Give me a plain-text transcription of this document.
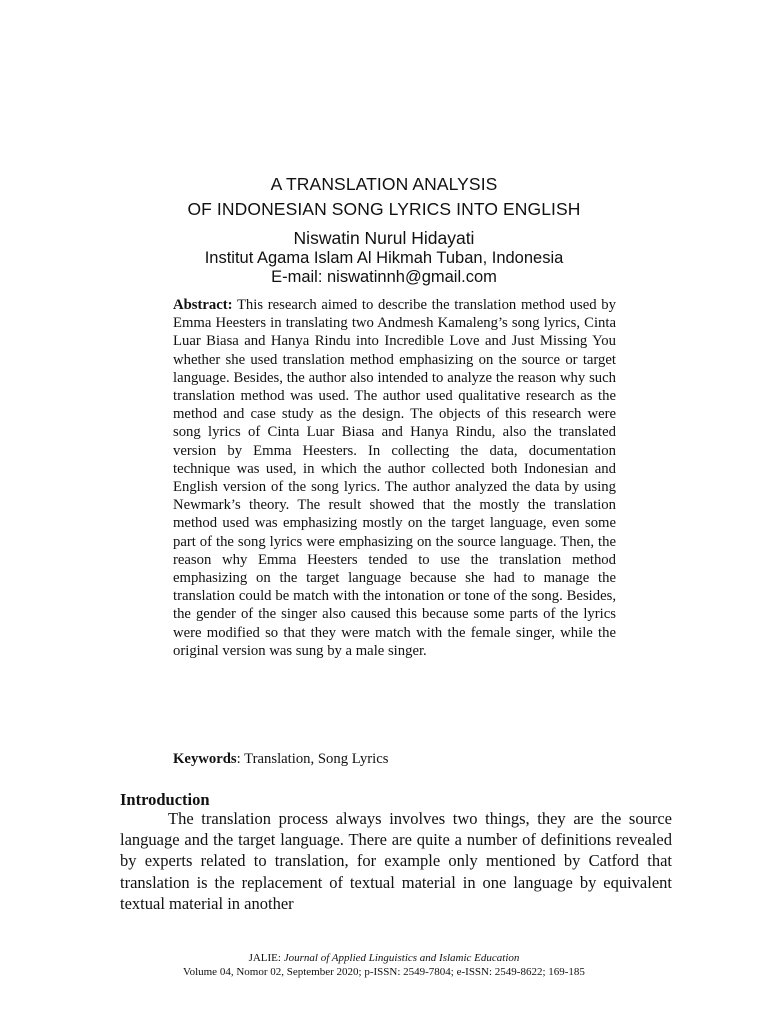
A TRANSLATION ANALYSIS
OF INDONESIAN SONG LYRICS INTO ENGLISH
Niswatin Nurul Hidayati
Institut Agama Islam Al Hikmah Tuban, Indonesia
E-mail: niswatinnh@gmail.com
Abstract: This research aimed to describe the translation method used by Emma Heesters in translating two Andmesh Kamaleng’s song lyrics, Cinta Luar Biasa and Hanya Rindu into Incredible Love and Just Missing You whether she used translation method emphasizing on the source or target language. Besides, the author also intended to analyze the reason why such translation method was used. The author used qualitative research as the method and case study as the design. The objects of this research were song lyrics of Cinta Luar Biasa and Hanya Rindu, also the translated version by Emma Heesters. In collecting the data, documentation technique was used, in which the author collected both Indonesian and English version of the song lyrics. The author analyzed the data by using Newmark’s theory. The result showed that the mostly the translation method used was emphasizing mostly on the target language, even some part of the song lyrics were emphasizing on the source language. Then, the reason why Emma Heesters tended to use the translation method emphasizing on the target language because she had to manage the translation could be match with the intonation or tone of the song. Besides, the gender of the singer also caused this because some parts of the lyrics were modified so that they were match with the female singer, while the original version was sung by a male singer.
Keywords: Translation, Song Lyrics
Introduction

The translation process always involves two things, they are the source language and the target language. There are quite a number of definitions revealed by experts related to translation, for example only mentioned by Catford that translation is the replacement of textual material in one language by equivalent textual material in another

JALIE: Journal of Applied Linguistics and Islamic Education
Volume 04, Nomor 02, September 2020; p-ISSN: 2549-7804; e-ISSN: 2549-8622; 169-185
